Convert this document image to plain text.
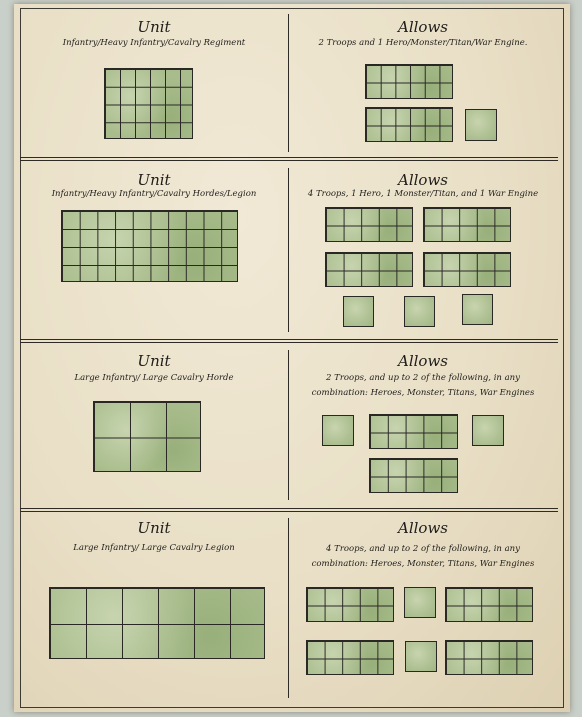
Unit
Infantry/Heavy Infantry/Cavalry Regiment
Allows
2 Troops and 1 Hero/Monster/Titan/War Engine.
Unit
Infantry/Heavy Infantry/Cavalry Hordes/Legion
Allows
4 Troops, 1 Hero, 1 Monster/Titan, and 1 War Engine
Unit
Large Infantry/ Large Cavalry Horde
Allows
2 Troops, and up to 2 of the following, in any
combination: Heroes, Monster, Titans, War Engines
Unit
Large Infantry/ Large Cavalry Legion
Allows
4 Troops, and up to 2 of the following, in any
combination: Heroes, Monster, Titans, War Engines
